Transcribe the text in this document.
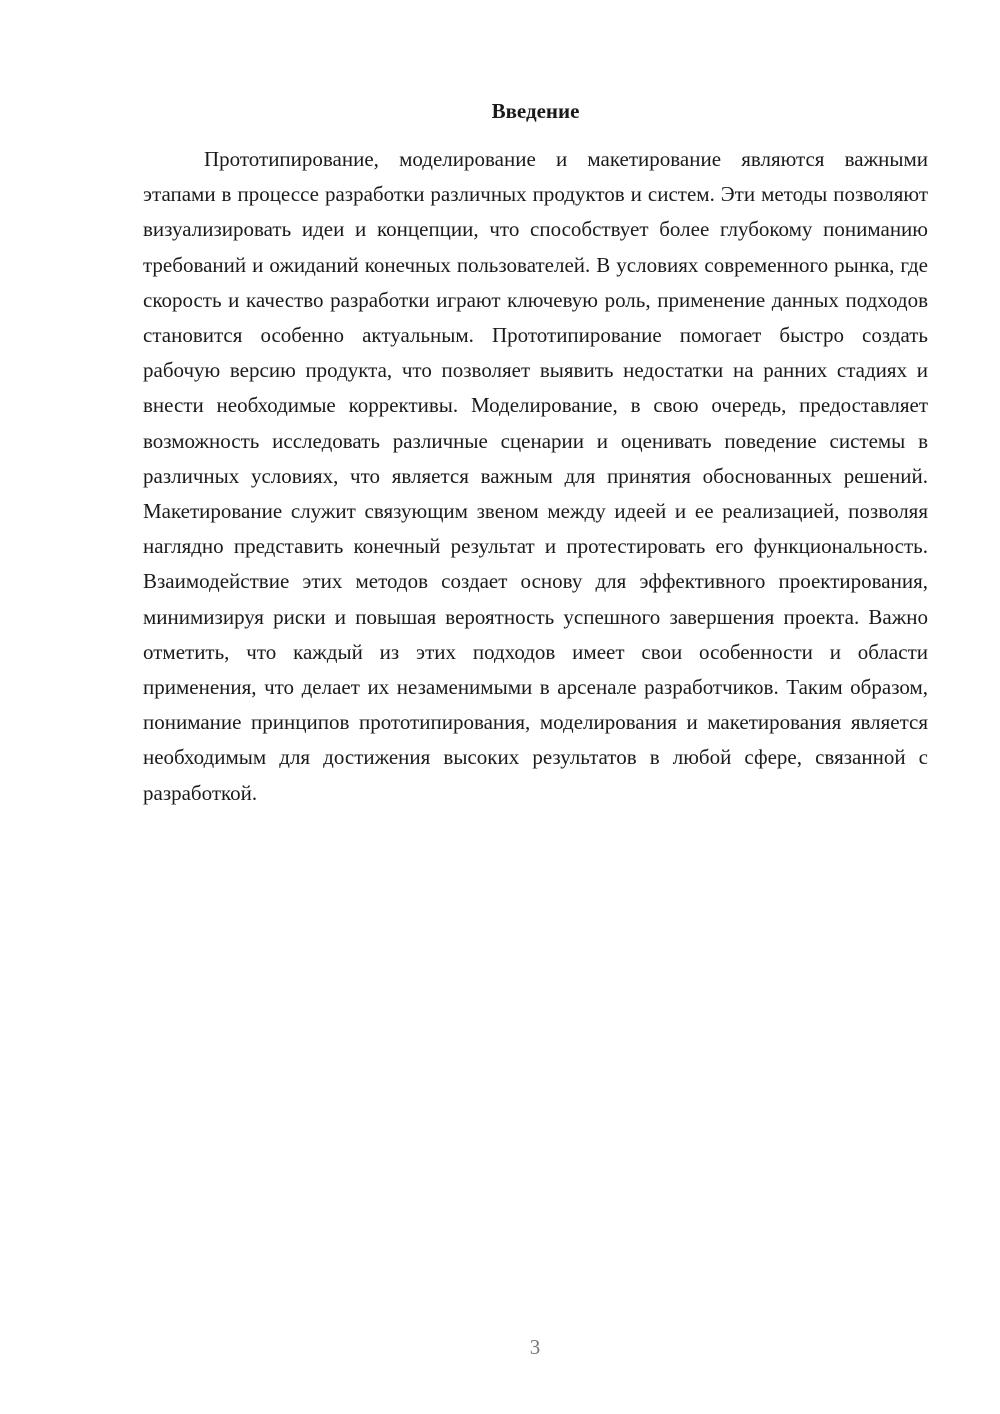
Введение

Прототипирование, моделирование и макетирование являются важными этапами в процессе разработки различных продуктов и систем. Эти методы позволяют визуализировать идеи и концепции, что способствует более глубокому пониманию требований и ожиданий конечных пользователей. В условиях современного рынка, где скорость и качество разработки играют ключевую роль, применение данных подходов становится особенно актуальным. Прототипирование помогает быстро создать рабочую версию продукта, что позволяет выявить недостатки на ранних стадиях и внести необходимые коррективы. Моделирование, в свою очередь, предоставляет возможность исследовать различные сценарии и оценивать поведение системы в различных условиях, что является важным для принятия обоснованных решений. Макетирование служит связующим звеном между идеей и ее реализацией, позволяя наглядно представить конечный результат и протестировать его функциональность. Взаимодействие этих методов создает основу для эффективного проектирования, минимизируя риски и повышая вероятность успешного завершения проекта. Важно отметить, что каждый из этих подходов имеет свои особенности и области применения, что делает их незаменимыми в арсенале разработчиков. Таким образом, понимание принципов прототипирования, моделирования и макетирования является необходимым для достижения высоких результатов в любой сфере, связанной с разработкой.

3
